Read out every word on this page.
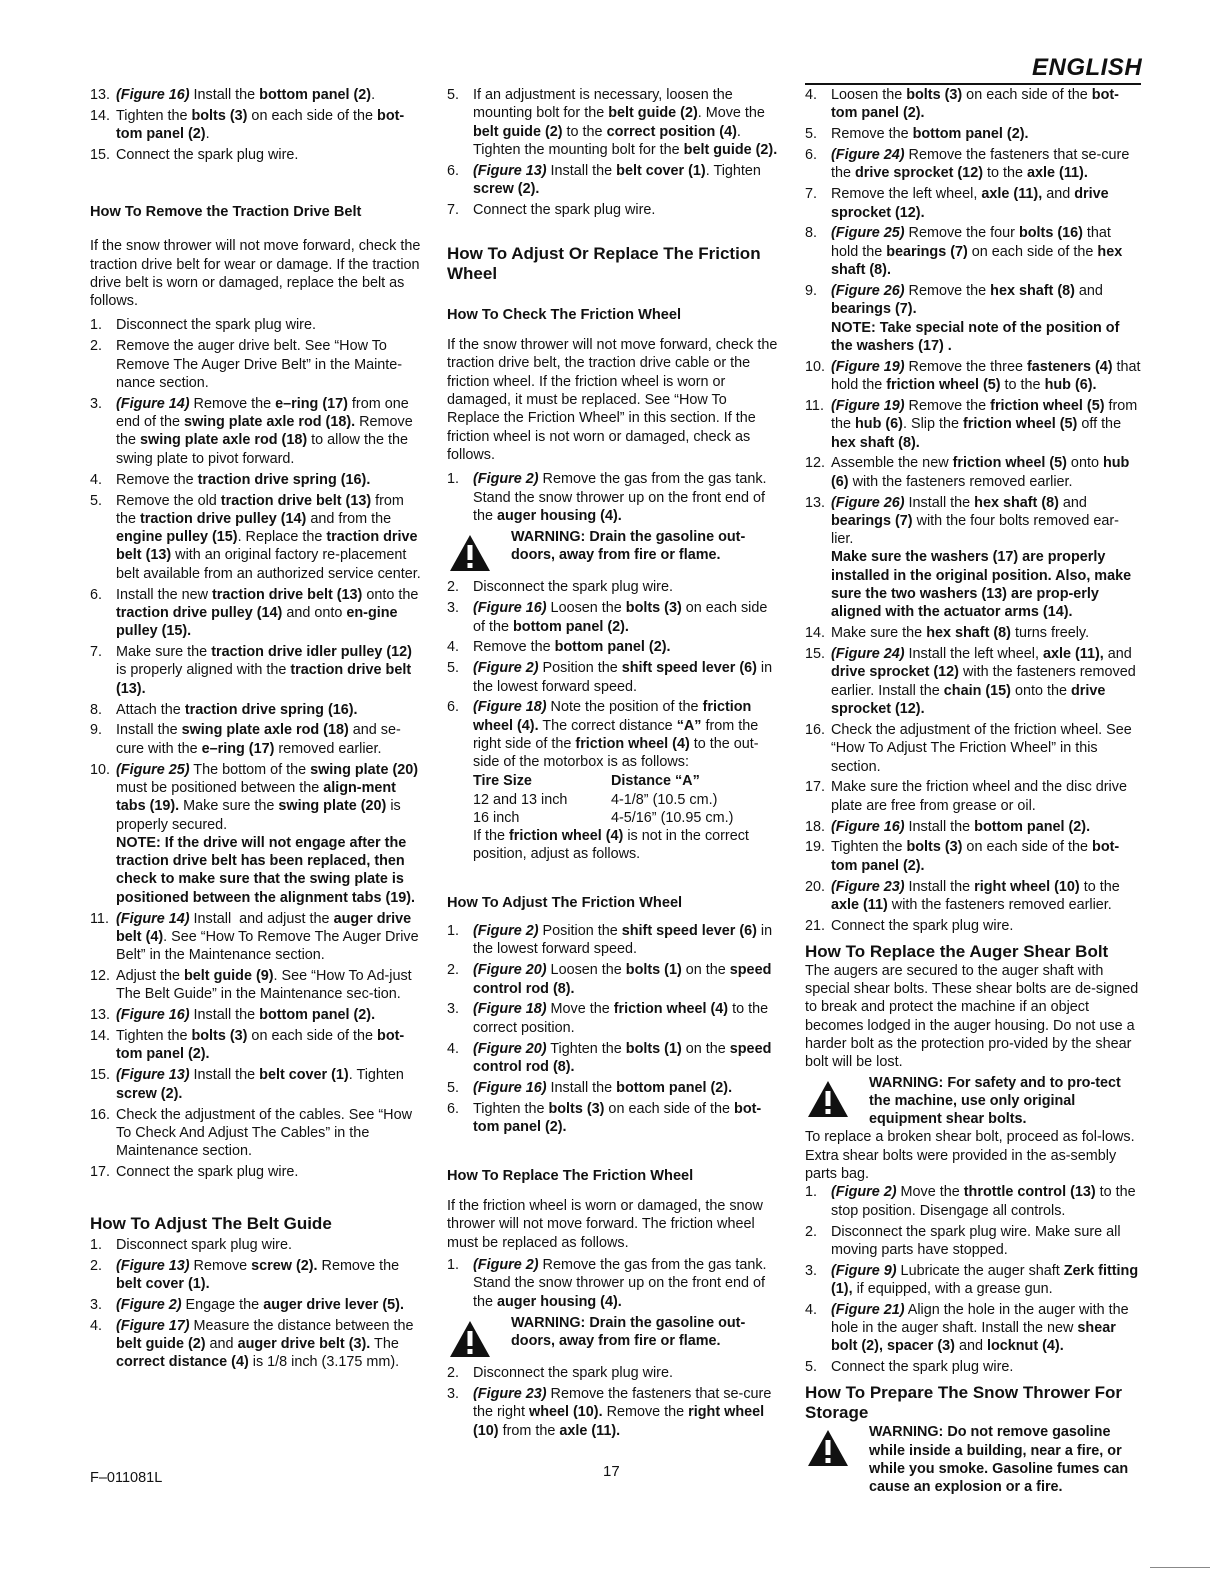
ENGLISH
13. (Figure 16) Install the bottom panel (2).
14. Tighten the bolts (3) on each side of the bot-tom panel (2).
15. Connect the spark plug wire.
How To Remove the Traction Drive Belt

If the snow thrower will not move forward, check the traction drive belt for wear or damage. If the traction drive belt is worn or damaged, replace the belt as follows.

1. Disconnect the spark plug wire.
2. Remove the auger drive belt. See “How To Remove The Auger Drive Belt” in the Mainte-nance section.
3. (Figure 14) Remove the e–ring (17) from one end of the swing plate axle rod (18). Remove the swing plate axle rod (18) to allow the the swing plate to pivot forward.
4. Remove the traction drive spring (16).
5. Remove the old traction drive belt (13) from the traction drive pulley (14) and from the engine pulley (15). Replace the traction drive belt (13) with an original factory re-placement belt available from an authorized service center.
6. Install the new traction drive belt (13) onto the traction drive pulley (14) and onto en-gine pulley (15).
7. Make sure the traction drive idler pulley (12) is properly aligned with the traction drive belt (13).
8. Attach the traction drive spring (16).
9. Install the swing plate axle rod (18) and se-cure with the e–ring (17) removed earlier.
10. (Figure 25) The bottom of the swing plate (20) must be positioned between the align-ment tabs (19). Make sure the swing plate (20) is properly secured.
NOTE: If the drive will not engage after the traction drive belt has been replaced, then check to make sure that the swing plate is positioned between the alignment tabs (19).
11. (Figure 14) Install  and adjust the auger drive belt (4). See “How To Remove The Auger Drive Belt” in the Maintenance section.
12. Adjust the belt guide (9). See “How To Ad-just The Belt Guide” in the Maintenance sec-tion.
13. (Figure 16) Install the bottom panel (2).
14. Tighten the bolts (3) on each side of the bot-tom panel (2).
15. (Figure 13) Install the belt cover (1). Tighten screw (2).
16. Check the adjustment of the cables. See “How To Check And Adjust The Cables” in the Maintenance section.
17. Connect the spark plug wire.
How To Adjust The Belt Guide
1. Disconnect spark plug wire.
2. (Figure 13) Remove screw (2). Remove the belt cover (1).
3. (Figure 2) Engage the auger drive lever (5).
4. (Figure 17) Measure the distance between the belt guide (2) and auger drive belt (3). The correct distance (4) is 1/8 inch (3.175 mm).
5. If an adjustment is necessary, loosen the mounting bolt for the belt guide (2). Move the belt guide (2) to the correct position (4). Tighten the mounting bolt for the belt guide (2).
6. (Figure 13) Install the belt cover (1). Tighten screw (2).
7. Connect the spark plug wire.
How To Adjust Or Replace The Friction Wheel
How To Check The Friction Wheel

If the snow thrower will not move forward, check the traction drive belt, the traction drive cable or the friction wheel. If the friction wheel is worn or damaged, it must be replaced. See “How To Replace the Friction Wheel” in this section. If the friction wheel is not worn or damaged, check as follows.

1. (Figure 2) Remove the gas from the gas tank. Stand the snow thrower up on the front end of the auger housing (4).
WARNING: Drain the gasoline out-doors, away from fire or flame.
2. Disconnect the spark plug wire.
3. (Figure 16) Loosen the bolts (3) on each side of the bottom panel (2).
4. Remove the bottom panel (2).
5. (Figure 2) Position the shift speed lever (6) in the lowest forward speed.
6. (Figure 18) Note the position of the friction wheel (4). The correct distance “A” from the right side of the friction wheel (4) to the out-side of the motorbox is as follows:
Tire Size	Distance “A”
12 and 13 inch	4-1/8” (10.5 cm.)
16 inch	4-5/16” (10.95 cm.)
If the friction wheel (4) is not in the correct position, adjust as follows.
How To Adjust The Friction Wheel
1. (Figure 2) Position the shift speed lever (6) in the lowest forward speed.
2. (Figure 20) Loosen the bolts (1) on the speed control rod (8).
3. (Figure 18) Move the friction wheel (4) to the correct position.
4. (Figure 20) Tighten the bolts (1) on the speed control rod (8).
5. (Figure 16) Install the bottom panel (2).
6. Tighten the bolts (3) on each side of the bot-tom panel (2).
How To Replace The Friction Wheel

If the friction wheel is worn or damaged, the snow thrower will not move forward. The friction wheel must be replaced as follows.

1. (Figure 2) Remove the gas from the gas tank. Stand the snow thrower up on the front end of the auger housing (4).
WARNING: Drain the gasoline out-doors, away from fire or flame.
2. Disconnect the spark plug wire.
3. (Figure 23) Remove the fasteners that se-cure the right wheel (10). Remove the right wheel (10) from the axle (11).
4. Loosen the bolts (3) on each side of the bot-tom panel (2).
5. Remove the bottom panel (2).
6. (Figure 24) Remove the fasteners that se-cure the drive sprocket (12) to the axle (11).
7. Remove the left wheel, axle (11), and drive sprocket (12).
8. (Figure 25) Remove the four bolts (16) that hold the bearings (7) on each side of the hex shaft (8).
9. (Figure 26) Remove the hex shaft (8) and bearings (7).
NOTE: Take special note of the position of the washers (17) .
10. (Figure 19) Remove the three fasteners (4) that hold the friction wheel (5) to the hub (6).
11. (Figure 19) Remove the friction wheel (5) from the hub (6). Slip the friction wheel (5) off the hex shaft (8).
12. Assemble the new friction wheel (5) onto hub (6) with the fasteners removed earlier.
13. (Figure 26) Install the hex shaft (8) and bearings (7) with the four bolts removed ear-lier.
Make sure the washers (17) are properly installed in the original position. Also, make sure the two washers (13) are prop-erly aligned with the actuator arms (14).
14. Make sure the hex shaft (8) turns freely.
15. (Figure 24) Install the left wheel, axle (11), and drive sprocket (12) with the fasteners removed earlier. Install the chain (15) onto the drive sprocket (12).
16. Check the adjustment of the friction wheel. See “How To Adjust The Friction Wheel” in this section.
17. Make sure the friction wheel and the disc drive plate are free from grease or oil.
18. (Figure 16) Install the bottom panel (2).
19. Tighten the bolts (3) on each side of the bot-tom panel (2).
20. (Figure 23) Install the right wheel (10) to the axle (11) with the fasteners removed earlier.
21. Connect the spark plug wire.
How To Replace the Auger Shear Bolt

The augers are secured to the auger shaft with special shear bolts. These shear bolts are de-signed to break and protect the machine if an object becomes lodged in the auger housing. Do not use a harder bolt as the protection pro-vided by the shear bolt will be lost.

WARNING: For safety and to pro-tect the machine, use only original equipment shear bolts.

To replace a broken shear bolt, proceed as fol-lows. Extra shear bolts were provided in the as-sembly parts bag.

1. (Figure 2) Move the throttle control (13) to the stop position. Disengage all controls.
2. Disconnect the spark plug wire. Make sure all moving parts have stopped.
3. (Figure 9) Lubricate the auger shaft Zerk fitting (1), if equipped, with a grease gun.
4. (Figure 21) Align the hole in the auger with the hole in the auger shaft. Install the new shear bolt (2), spacer (3) and locknut (4).
5. Connect the spark plug wire.
How To Prepare The Snow Thrower For Storage
WARNING: Do not remove gasoline while inside a building, near a fire, or while you smoke. Gasoline fumes can cause an explosion or a fire.
F–011081L	17
